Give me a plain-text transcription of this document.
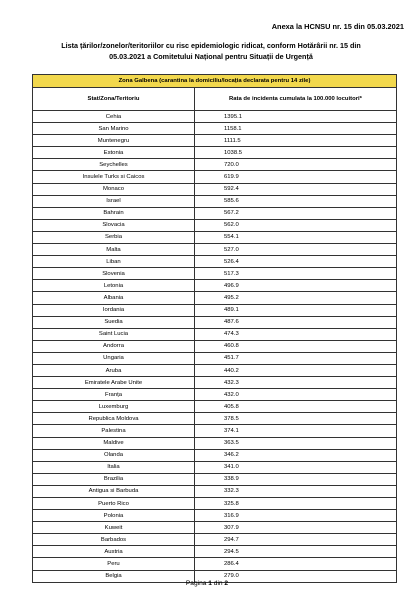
Anexa la HCNSU nr. 15 din 05.03.2021
Lista țărilor/zonelor/teritoriilor cu risc epidemiologic ridicat, conform Hotărârii nr. 15 din
05.03.2021 a Comitetului Național pentru Situații de Urgență
Zona Galbena (carantina la domiciliu/locația declarata pentru 14 zile)	
Stat/Zona/Teritoriu	Rata de incidenta cumulata la 100.000 locuitori*
Cehia	1395.1
San Marino	1158.1
Muntenegru	1111.5
Estonia	1038.5
Seychelles	720.0
Insulele Turks si Caicos	619.9
Monaco	592.4
Israel	585.6
Bahrain	567.2
Slovacia	562.0
Serbia	554.1
Malta	527.0
Liban	526.4
Slovenia	517.3
Letonia	496.9
Albania	495.2
Iordania	489.1
Suedia	487.6
Saint Lucia	474.3
Andorra	460.8
Ungaria	451.7
Aruba	440.2
Emiratele Arabe Unite	432.3
Franța	432.0
Luxemburg	405.8
Republica Moldova	378.5
Palestina	374.1
Maldive	363.5
Olanda	346.2
Italia	341.0
Brazilia	338.9
Antigua si Barbuda	332.3
Puerto Rico	325.8
Polonia	316.9
Kuweit	307.9
Barbados	294.7
Austria	294.5
Peru	286.4
Belgia	279.0
Pagina 1 din 2
